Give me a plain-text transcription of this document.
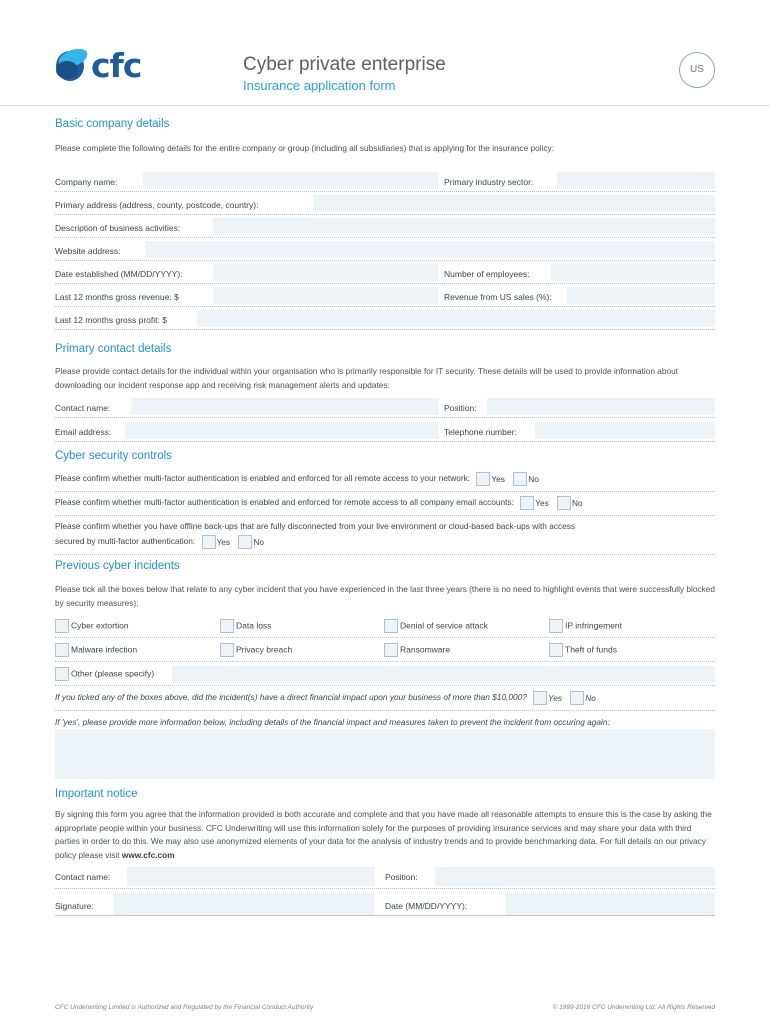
cfc	Cyber private enterprise
Insurance application form
US
Basic company details
Please complete the following details for the entire company or group (including all subsidiaries) that is applying for the insurance policy:
Company name:	Primary industry sector:
Primary address (address, county, postcode, country):
Description of business activities:
Website address:
Date established (MM/DD/YYYY):	Number of employees:
Last 12 months gross revenue: $	Revenue from US sales (%):
Last 12 months gross profit: $
Primary contact details
Please provide contact details for the individual within your organisation who is primarily responsible for IT security. These details will be used to provide information about downloading our incident response app and receiving risk management alerts and updates:
Contact name:	Position:
Email address:	Telephone number:
Cyber security controls
Please confirm whether multi-factor authentication is enabled and enforced for all remote access to your network:	Yes	No
Please confirm whether multi-factor authentication is enabled and enforced for remote access to all company email accounts:	Yes	No
Please confirm whether you have offline back-ups that are fully disconnected from your live environment or cloud-based back-ups with access
secured by multi-factor authentication:	Yes	No
Previous cyber incidents
Please tick all the boxes below that relate to any cyber incident that you have experienced in the last three years (there is no need to highlight events that were successfully blocked by security measures):
Cyber extortion	Data loss	Denial of service attack	IP infringement
Malware infection	Privacy breach	Ransomware	Theft of funds
Other (please specify)
If you ticked any of the boxes above, did the incident(s) have a direct financial impact upon your business of more than $10,000?	Yes	No
If 'yes', please provide more information below, including details of the financial impact and measures taken to prevent the incident from occuring again:
Important notice
By signing this form you agree that the information provided is both accurate and complete and that you have made all reasonable attempts to ensure this is the case by asking the appropriate people within your business. CFC Underwriting will use this information solely for the purposes of providing insurance services and may share your data with third parties in order to do this. We may also use anonymized elements of your data for the analysis of industry trends and to provide benchmarking data. For full details on our privacy policy please visit www.cfc.com
Contact name:	Position:
Signature:	Date (MM/DD/YYYY):
CFC Underwriting Limited is Authorized and Regulated by the Financial Conduct Authority	© 1999-2016 CFC Underwriting Ltd, All Rights Reserved
